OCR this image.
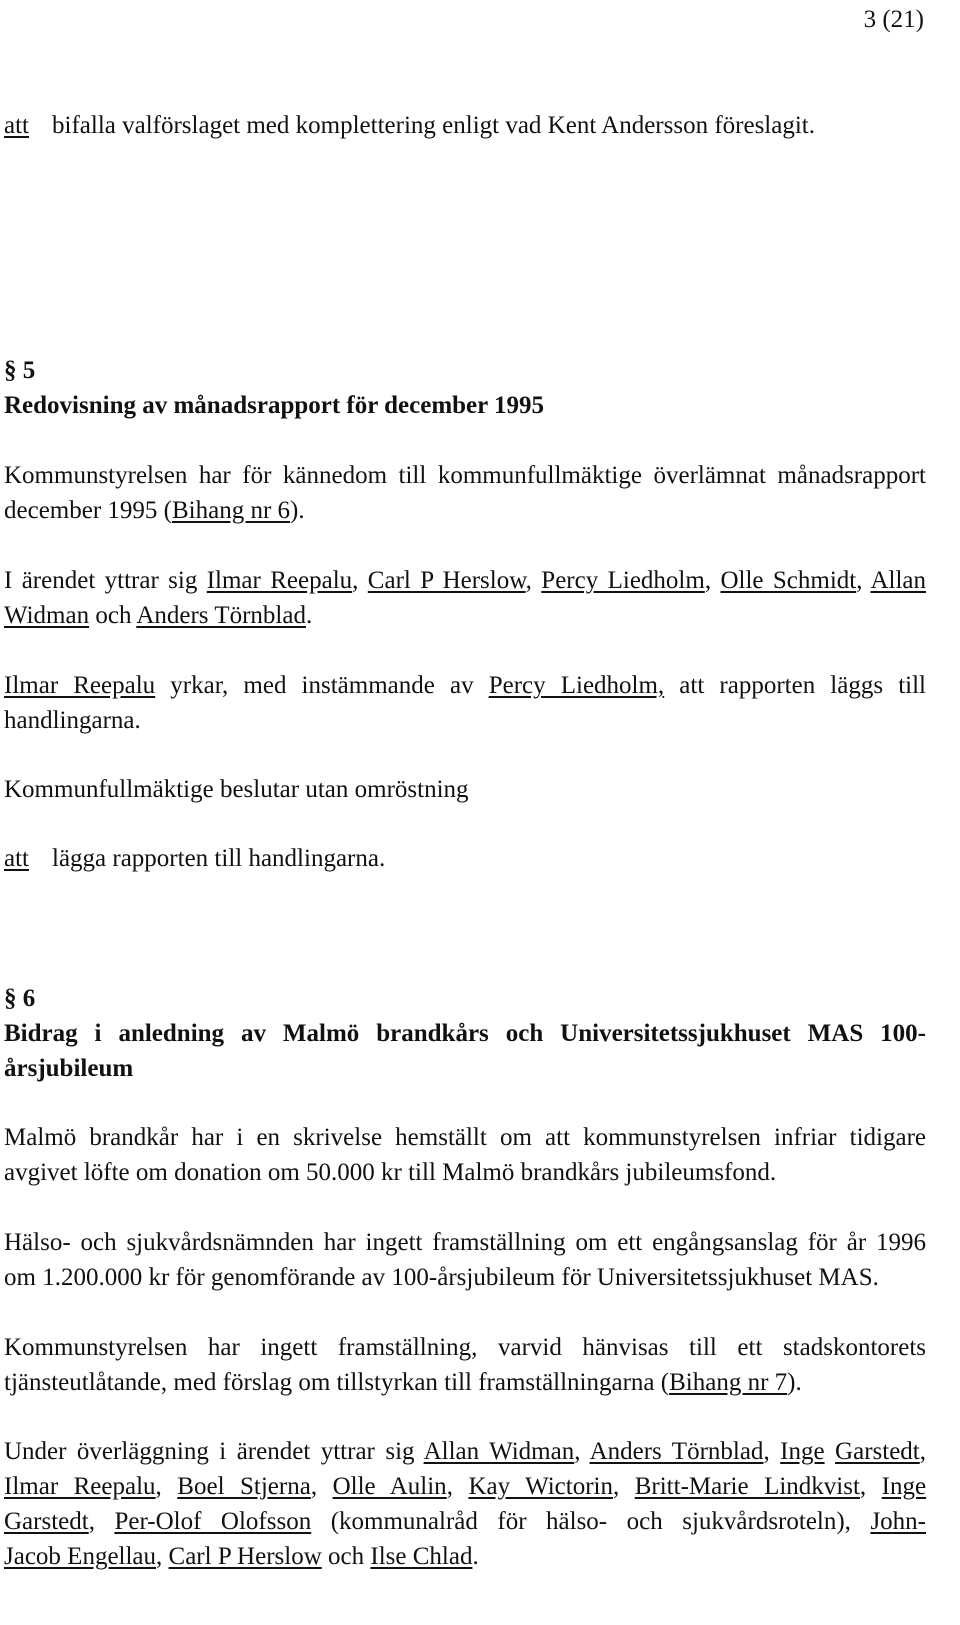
3 (21)
att bifalla valförslaget med komplettering enligt vad Kent Andersson föreslagit.
§ 5
Redovisning av månadsrapport för december 1995
Kommunstyrelsen har för kännedom till kommunfullmäktige överlämnat månadsrapport
december 1995 (Bihang nr 6).
I ärendet yttrar sig Ilmar Reepalu, Carl P Herslow, Percy Liedholm, Olle Schmidt, Allan
Widman och Anders Törnblad.
Ilmar Reepalu yrkar, med instämmande av Percy Liedholm, att rapporten läggs till
handlingarna.
Kommunfullmäktige beslutar utan omröstning
att lägga rapporten till handlingarna.
§ 6
Bidrag i anledning av Malmö brandkårs och Universitetssjukhuset MAS 100-
årsjubileum
Malmö brandkår har i en skrivelse hemställt om att kommunstyrelsen infriar tidigare
avgivet löfte om donation om 50.000 kr till Malmö brandkårs jubileumsfond.
Hälso- och sjukvårdsnämnden har ingett framställning om ett engångsanslag för år 1996
om 1.200.000 kr för genomförande av 100-årsjubileum för Universitetssjukhuset MAS.
Kommunstyrelsen har ingett framställning, varvid hänvisas till ett stadskontorets
tjänsteutlåtande, med förslag om tillstyrkan till framställningarna (Bihang nr 7).
Under överläggning i ärendet yttrar sig Allan Widman, Anders Törnblad, Inge Garstedt,
Ilmar Reepalu, Boel Stjerna, Olle Aulin, Kay Wictorin, Britt-Marie Lindkvist, Inge
Garstedt, Per-Olof Olofsson (kommunalråd för hälso- och sjukvårdsroteln), John-
Jacob Engellau, Carl P Herslow och Ilse Chlad.
